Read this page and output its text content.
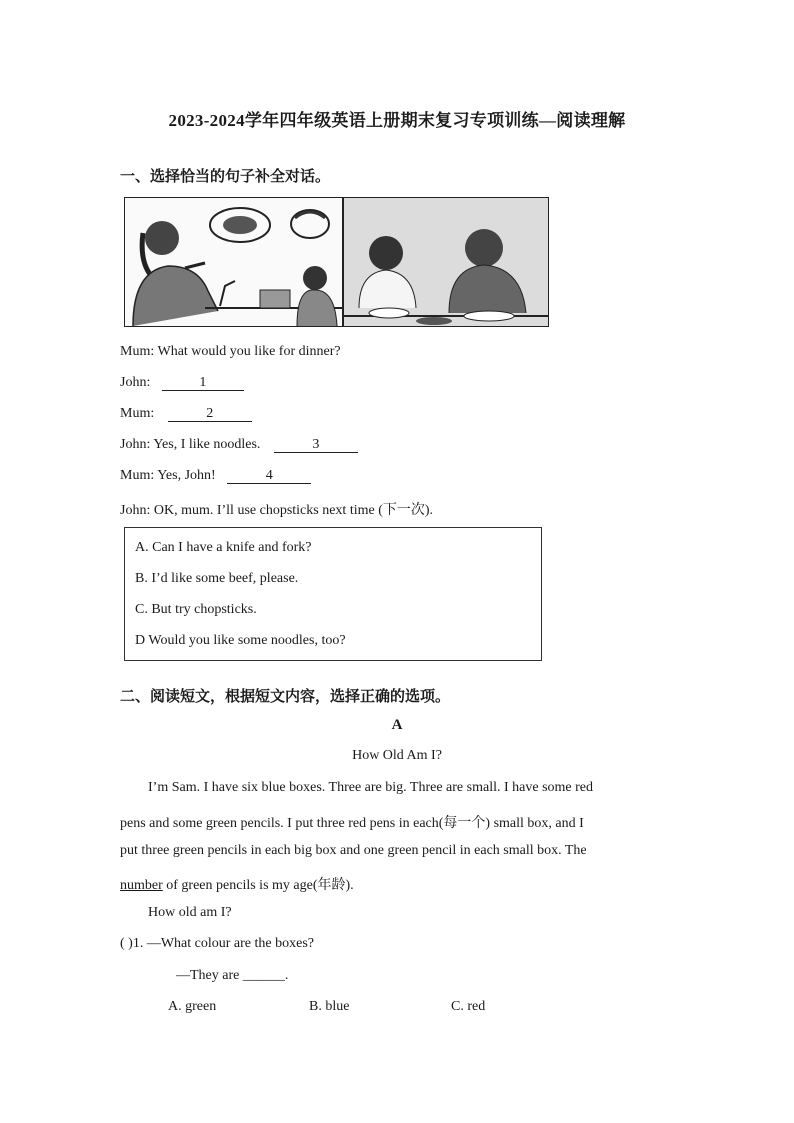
2023-2024学年四年级英语上册期末复习专项训练—阅读理解
一、选择恰当的句子补全对话。
Mum: What would you like for dinner?
John:	1
Mum:	2
John: Yes, I like noodles.	3
Mum: Yes, John!	4
John: OK, mum. I’ll use chopsticks next time (下一次).
A. Can I have a knife and fork?
B. I’d like some beef, please.
C. But try chopsticks.
D Would you like some noodles, too?
二、阅读短文，根据短文内容，选择正确的选项。
A
How Old Am I?
I’m Sam. I have six blue boxes. Three are big. Three are small. I have some red
pens and some green pencils. I put three red pens in each(每一个) small box, and I
put three green pencils in each big box and one green pencil in each small box. The
number of green pencils is my age(年龄).
How old am I?
( )1. —What colour are the boxes?
—They are ______.
A. green	B. blue	C. red
